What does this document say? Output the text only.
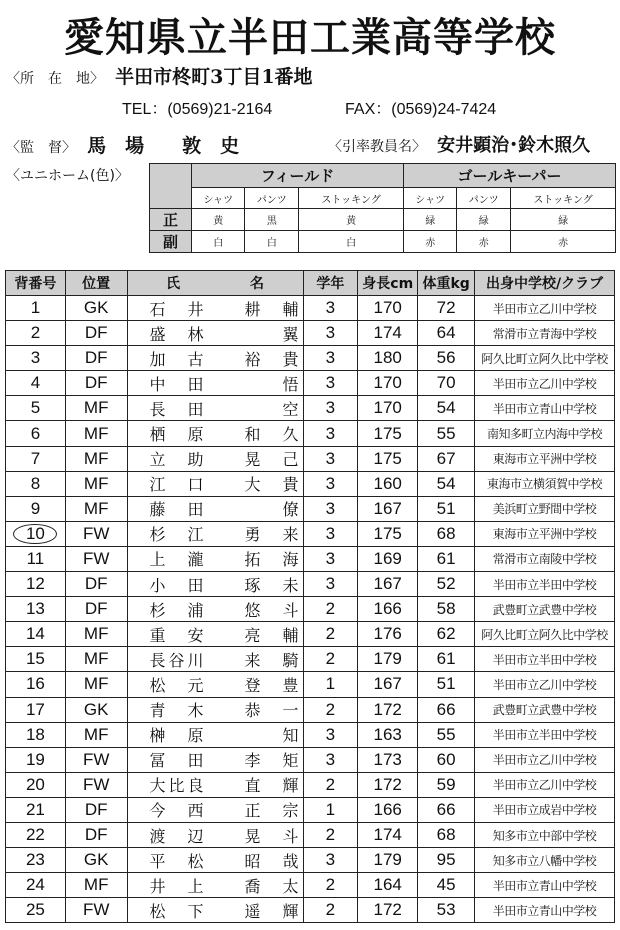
愛知県立半田工業高等学校
〈所　在　地〉 半田市柊町3丁目1番地
TEL：(0569)21-2164	FAX：(0569)24-7424
〈監　督〉 馬　場　　敦　史	〈引率教員名〉 安井顕治･鈴木照久
〈ユニホーム(色)〉
		フィールド			ゴールキーパー		
	シャツ	パンツ	ストッキング	シャツ	パンツ	ストッキング
正	黄	黒	黄	緑	緑	緑
副	白	白	白	赤	赤	赤
背番号	位置	氏　　　　　名	学年	身長cm	体重kg	出身中学校/クラブ
1	GK	石　井　　耕　輔	3	170	72	半田市立乙川中学校
2	DF	盛　林　　　　翼	3	174	64	常滑市立青海中学校
3	DF	加　古　　裕　貴	3	180	56	阿久比町立阿久比中学校
4	DF	中　田　　　　悟	3	170	70	半田市立乙川中学校
5	MF	長　田　　　　空	3	170	54	半田市立青山中学校
6	MF	栖　原　　和　久	3	175	55	南知多町立内海中学校
7	MF	立　助　　晃　己	3	175	67	東海市立平洲中学校
8	MF	江　口　　大　貴	3	160	54	東海市立横須賀中学校
9	MF	藤　田　　　　僚	3	167	51	美浜町立野間中学校
10	FW	杉　江　　勇　来	3	175	68	東海市立平洲中学校
11	FW	上　瀧　　拓　海	3	169	61	常滑市立南陵中学校
12	DF	小　田　　琢　未	3	167	52	半田市立半田中学校
13	DF	杉　浦　　悠　斗	2	166	58	武豊町立武豊中学校
14	MF	重　安　　亮　輔	2	176	62	阿久比町立阿久比中学校
15	MF	長谷川　　来　騎	2	179	61	半田市立半田中学校
16	MF	松　元　　登　豊	1	167	51	半田市立乙川中学校
17	GK	青　木　　恭　一	2	172	66	武豊町立武豊中学校
18	MF	榊　原　　　　知	3	163	55	半田市立半田中学校
19	FW	冨　田　　李　矩	3	173	60	半田市立乙川中学校
20	FW	大比良　　直　輝	2	172	59	半田市立乙川中学校
21	DF	今　西　　正　宗	1	166	66	半田市立成岩中学校
22	DF	渡　辺　　晃　斗	2	174	68	知多市立中部中学校
23	GK	平　松　　昭　哉	3	179	95	知多市立八幡中学校
24	MF	井　上　　喬　太	2	164	45	半田市立青山中学校
25	FW	松　下　　遥　輝	2	172	53	半田市立青山中学校
